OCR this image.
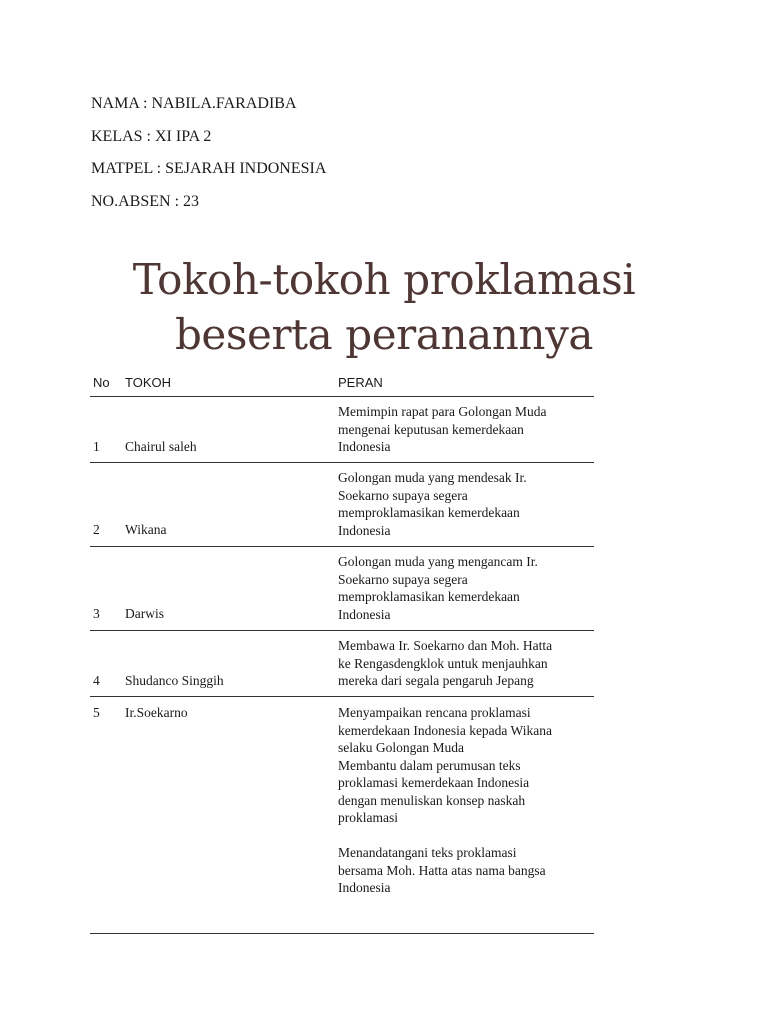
NAMA : NABILA.FARADIBA
KELAS : XI IPA 2
MATPEL : SEJARAH INDONESIA
NO.ABSEN : 23
Tokoh-tokoh proklamasi
beserta peranannya
No TOKOH	PERAN
Memimpin rapat para Golongan Muda
mengenai keputusan kemerdekaan
Indonesia
1 Chairul saleh
Golongan muda yang mendesak Ir.
Soekarno supaya segera
memproklamasikan kemerdekaan
Indonesia
2 Wikana
Golongan muda yang mengancam Ir.
Soekarno supaya segera
memproklamasikan kemerdekaan
Indonesia
3 Darwis
Membawa Ir. Soekarno dan Moh. Hatta
ke Rengasdengklok untuk menjauhkan
mereka dari segala pengaruh Jepang
4 Shudanco Singgih
5 Ir.Soekarno	Menyampaikan rencana proklamasi
kemerdekaan Indonesia kepada Wikana
selaku Golongan Muda
Membantu dalam perumusan teks
proklamasi kemerdekaan Indonesia
dengan menuliskan konsep naskah
proklamasi
Menandatangani teks proklamasi
bersama Moh. Hatta atas nama bangsa
Indonesia
